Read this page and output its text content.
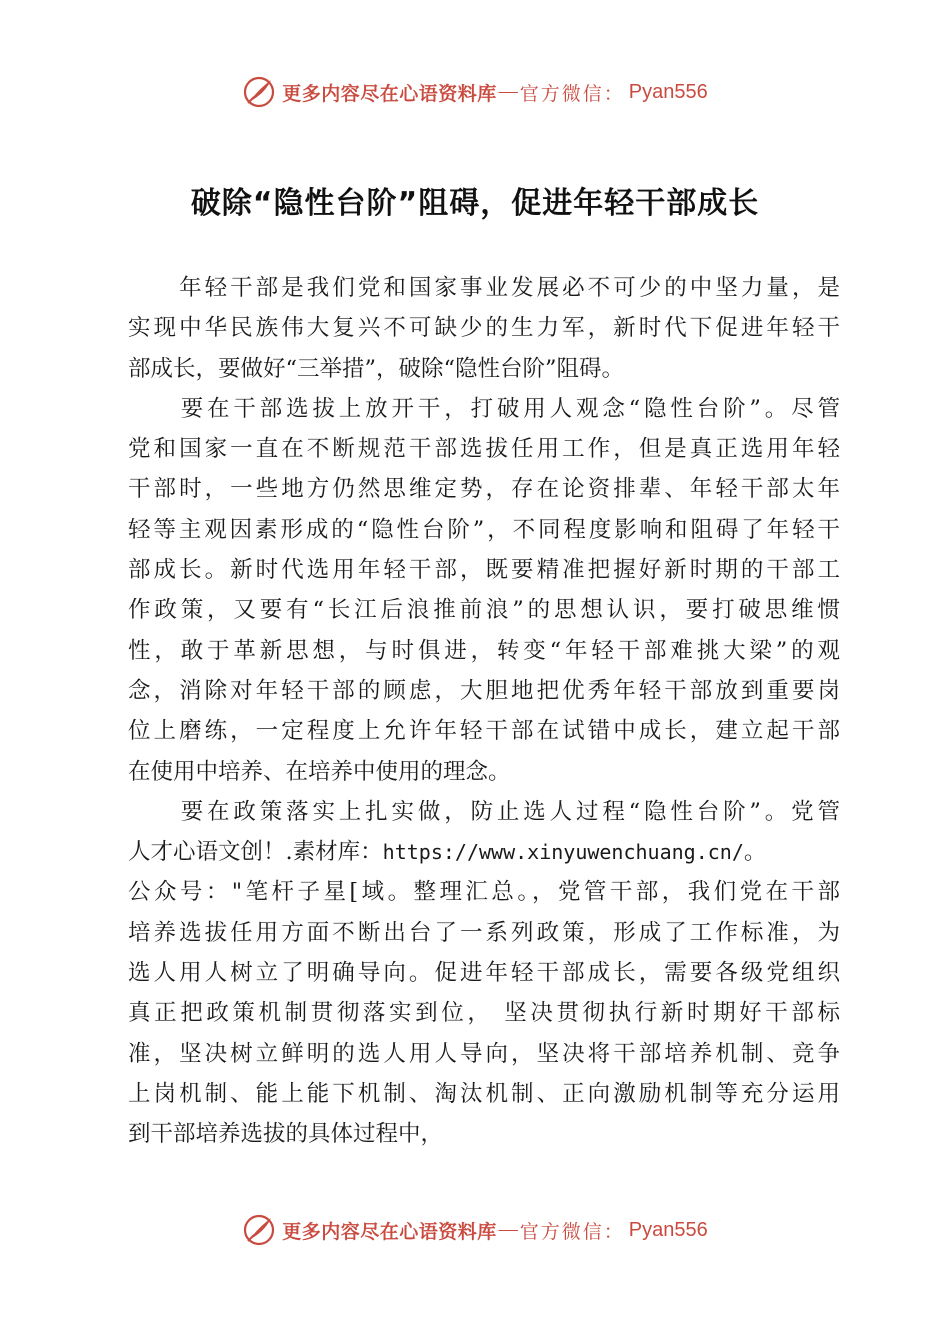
更多内容尽在心语资料库 — 官方微信： Pyan556
破除“隐性台阶”阻碍，促进年轻干部成长
　　年轻干部是我们党和国家事业发展必不可少的中坚力量，是
实现中华民族伟大复兴不可缺少的生力军，新时代下促进年轻干
部成长，要做好“三举措”，破除“隐性台阶”阻碍。
　　要在干部选拔上放开干，打破用人观念“隐性台阶”。尽管
党和国家一直在不断规范干部选拔任用工作，但是真正选用年轻
干部时，一些地方仍然思维定势，存在论资排辈、年轻干部太年
轻等主观因素形成的“隐性台阶”，不同程度影响和阻碍了年轻干
部成长。新时代选用年轻干部，既要精准把握好新时期的干部工
作政策，又要有“长江后浪推前浪”的思想认识，要打破思维惯
性，敢于革新思想，与时俱进，转变“年轻干部难挑大梁”的观
念，消除对年轻干部的顾虑，大胆地把优秀年轻干部放到重要岗
位上磨练，一定程度上允许年轻干部在试错中成长，建立起干部
在使用中培养、在培养中使用的理念。
　　要在政策落实上扎实做，防止选人过程“隐性台阶”。党管
人才心语文创！.素材库：https://www.xinyuwenchuang.cn/。
公众号："笔杆子星[域。整理汇总。，党管干部，我们党在干部
培养选拔任用方面不断出台了一系列政策，形成了工作标准，为
选人用人树立了明确导向。促进年轻干部成长，需要各级党组织
真正把政策机制贯彻落实到位， 坚决贯彻执行新时期好干部标
准，坚决树立鲜明的选人用人导向，坚决将干部培养机制、竞争
上岗机制、能上能下机制、淘汰机制、正向激励机制等充分运用
到干部培养选拔的具体过程中，
更多内容尽在心语资料库 — 官方微信： Pyan556
